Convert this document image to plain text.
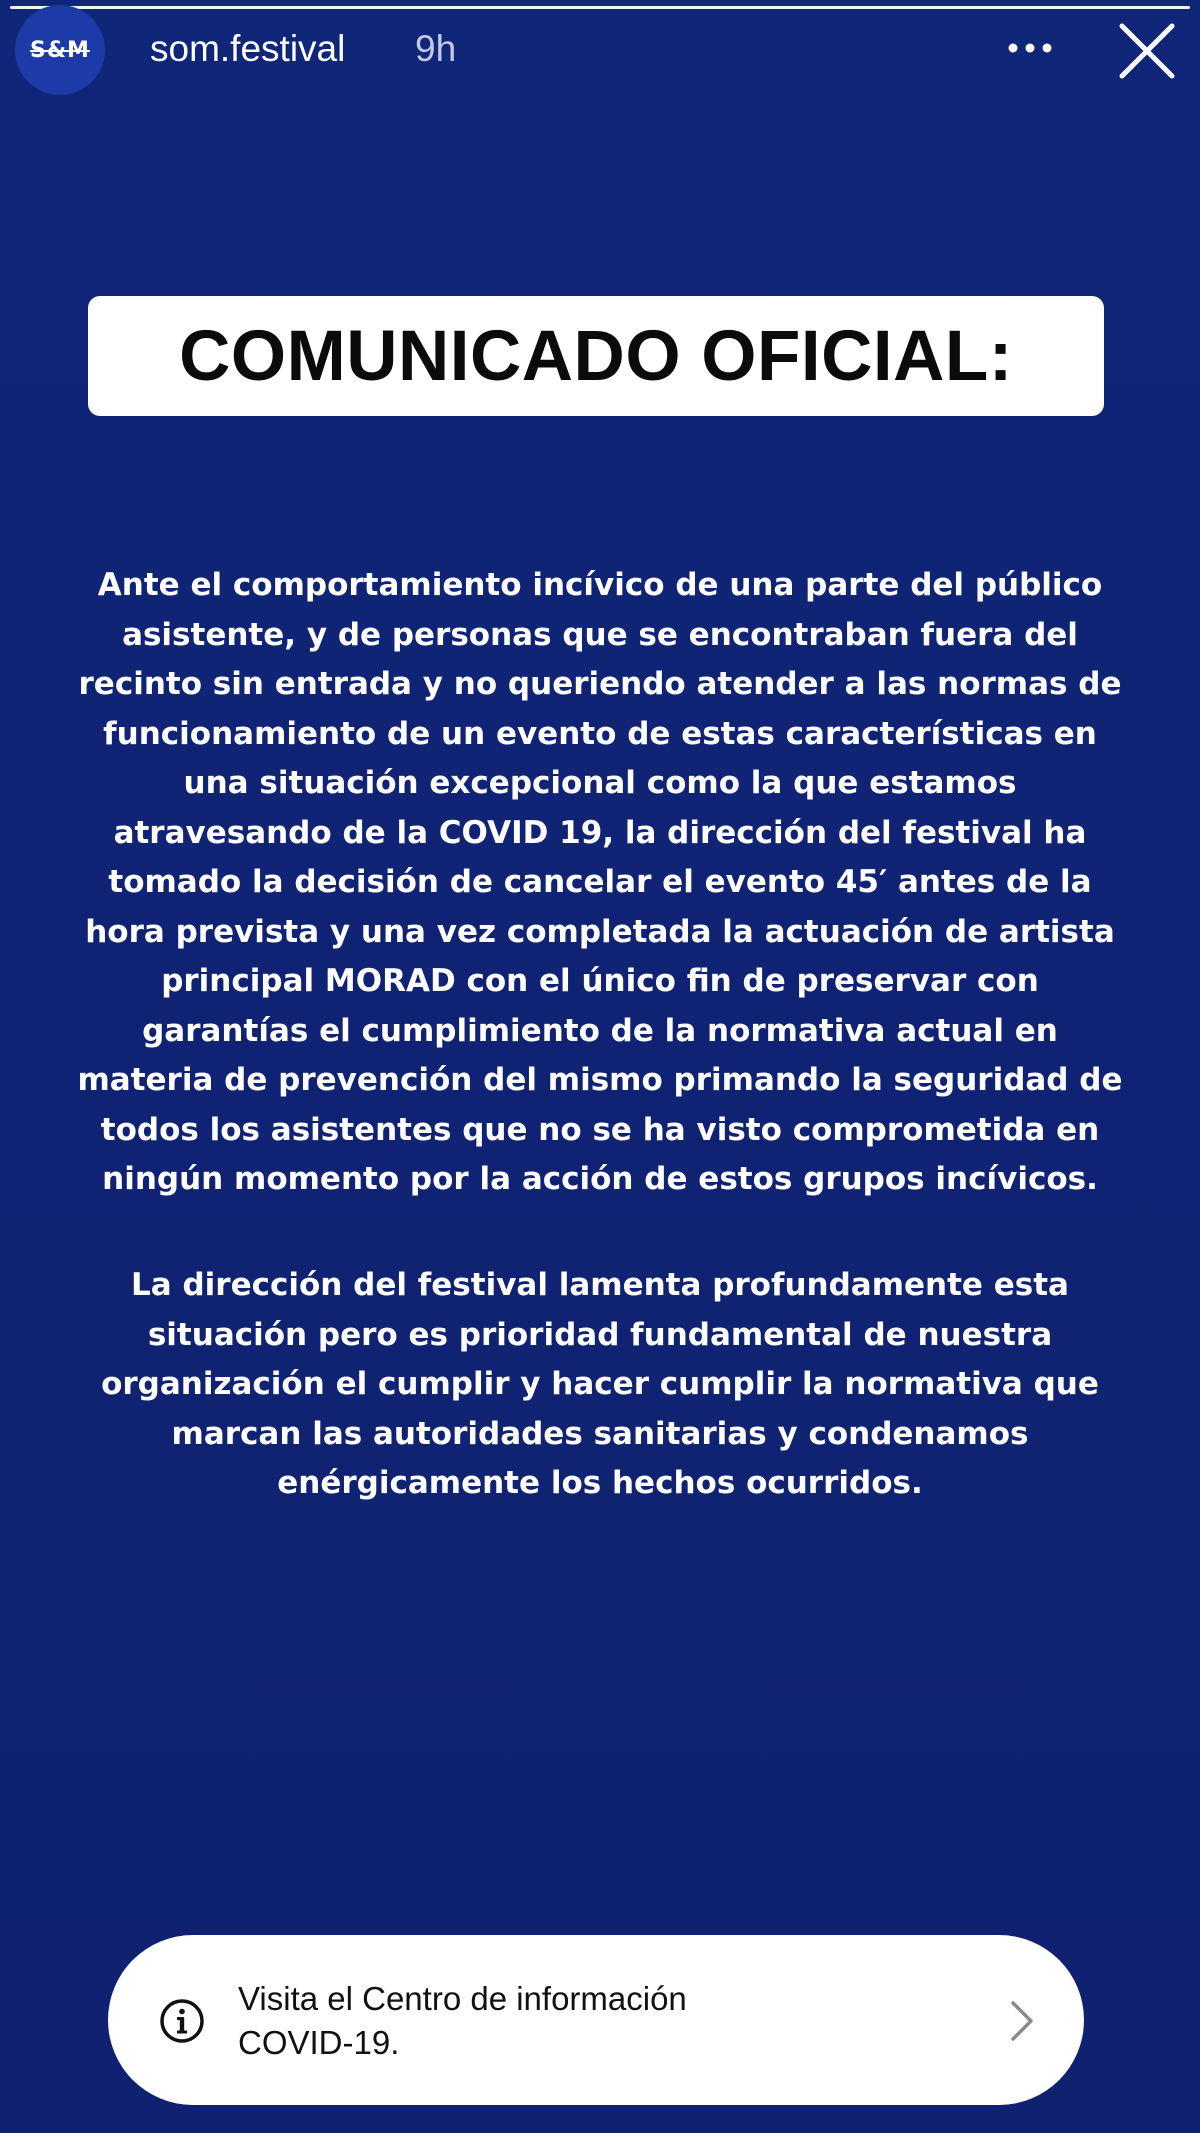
S&M som.festival 9h
COMUNICADO OFICIAL:
Ante el comportamiento incívico de una parte del público
asistente, y de personas que se encontraban fuera del
recinto sin entrada y no queriendo atender a las normas de
funcionamiento de un evento de estas características en
una situación excepcional como la que estamos
atravesando de la COVID 19, la dirección del festival ha
tomado la decisión de cancelar el evento 45′ antes de la
hora prevista y una vez completada la actuación de artista
principal MORAD con el único fin de preservar con
garantías el cumplimiento de la normativa actual en
materia de prevención del mismo primando la seguridad de
todos los asistentes que no se ha visto comprometida en
ningún momento por la acción de estos grupos incívicos.
La dirección del festival lamenta profundamente esta
situación pero es prioridad fundamental de nuestra
organización el cumplir y hacer cumplir la normativa que
marcan las autoridades sanitarias y condenamos
enérgicamente los hechos ocurridos.
Visita el Centro de información
COVID-19.
